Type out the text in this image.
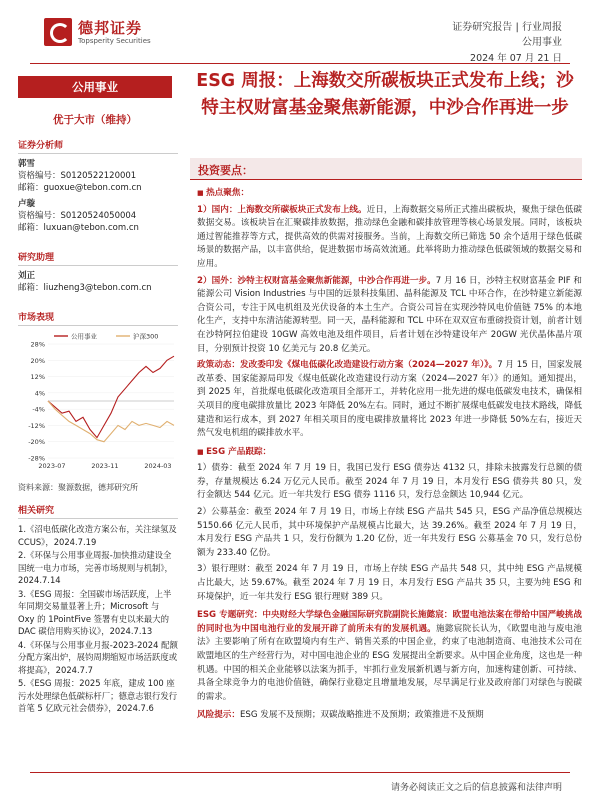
德邦证券
Topsperity Securities
证券研究报告 | 行业周报
公用事业
2024 年 07 月 21 日
公用事业
优于大市（维持）
证券分析师
郭雪
资格编号：S0120522120001
邮箱：guoxue@tebon.com.cn
卢璇
资格编号：S0120524050004
邮箱：luxuan@tebon.com.cn
研究助理
刘正
邮箱：liuzheng3@tebon.com.cn
市场表现
28%
20%
12%
4%
-4%
-12%
-20%
-28%
2023-07	2023-11	2024-03
公用事业	沪深300
资料来源：聚源数据，德邦研究所
相关研究
1.《沼电低碳化改造方案公布，关注绿氢及 CCUS》，2024.7.19
2.《环保与公用事业周报-加快推动建设全国统一电力市场，完善市场规则与机制》，2024.7.14
3.《ESG 周报：全国碳市场活跃度，上半年同期交易量显著上升；Microsoft 与 Oxy 的 1PointFive 签署有史以来最大的 DAC 碳信用购买协议》，2024.7.13
4.《环保与公用事业月报-2023-2024 配额分配方案出炉，展钧周期缩短市场活跃度或将提高》，2024.7.7
5.《ESG 周报：2025 年底，建成 100 座污水处理绿色低碳标杆厂；德意志银行发行首笔 5 亿欧元社会债券》，2024.7.6
ESG 周报：上海数交所碳板块正式发布上线；沙特主权财富基金聚焦新能源，中沙合作再进一步
投资要点：
■ 热点聚焦：
1）国内：上海数交所碳板块正式发布上线。近日，上海数据交易所正式推出碳板块，聚焦于绿色低碳数据交易。该板块旨在汇聚碳排放数据，推动绿色金融和碳排放管理等核心场景发展。同时，该板块通过智能推荐等方式，提供高效的供需对接服务。当前，上海数交所已筛选 50 余个适用于绿色低碳场景的数据产品，以丰富供给，促进数据市场高效流通。此举将助力推动绿色低碳领域的数据交易和应用。
2）国外：沙特主权财富基金聚焦新能源，中沙合作再进一步。7 月 16 日，沙特主权财富基金 PIF 和能源公司 Vision Industries 与中国的远景科技集团、晶科能源及 TCL 中环合作，在沙特建立新能源合资公司，专注于风电机组及光伏设备的本土生产。合资公司旨在实现沙特风电价值链 75% 的本地化生产，支持中东清洁能源转型。同一天，晶科能源和 TCL 中环在双双宣布重磅投资计划，前者计划在沙特阿拉伯建设 10GW 高效电池及组件项目，后者计划在沙特建设年产 20GW 光伏晶体晶片项目，分别预计投资 10 亿美元与 20.8 亿美元。
政策动态：发改委印发《煤电低碳化改造建设行动方案（2024—2027 年）》。7 月 15 日，国家发展改革委、国家能源局印发《煤电低碳化改造建设行动方案（2024—2027 年）》的通知。通知提出，到 2025 年，首批煤电低碳化改造项目全部开工，并转化应用一批先进的煤电低碳发电技术，确保相关项目的度电碳排放量比 2023 年降低 20%左右。同时，通过不断扩展煤电低碳发电技术路线，降低建造和运行成本，到 2027 年相关项目的度电碳排放量将比 2023 年进一步降低 50%左右，接近天然气发电机组的碳排放水平。
■ ESG 产品跟踪：
1）债券：截至 2024 年 7 月 19 日，我国已发行 ESG 债券达 4132 只，排除未披露发行总额的债券，存量规模达 6.24 万亿元人民币。截至 2024 年 7 月 19 日，本月发行 ESG 债券共 80 只，发行金额达 544 亿元。近一年共发行 ESG 债券 1116 只，发行总金额达 10,944 亿元。
2）公募基金：截至 2024 年 7 月 19 日，市场上存续 ESG 产品共 545 只，ESG 产品净值总规模达 5150.66 亿元人民币，其中环境保护产品规模占比最大，达 39.26%。截至 2024 年 7 月 19 日，本月发行 ESG 产品共 1 只，发行份额为 1.20 亿份，近一年共发行 ESG 公募基金 70 只，发行总份额为 233.40 亿份。
3）银行理财：截至 2024 年 7 月 19 日，市场上存续 ESG 产品共 548 只，其中纯 ESG 产品规模占比最大，达 59.67%。截至 2024 年 7 月 19 日，本月发行 ESG 产品共 35 只，主要为纯 ESG 和环境保护，近一年共发行 ESG 银行理财 389 只。
ESG 专题研究：中央财经大学绿色金融国际研究院副院长施懿宸：欧盟电池法案在带给中国严峻挑战的同时也为中国电池行业的发展开辟了前所未有的发展机遇。施懿宸院长认为，《欧盟电池与废电池法》主要影响了所有在欧盟境内有生产、销售关系的中国企业，约束了电池制造商、电池技术公司在欧盟地区的生产经营行为，对中国电池企业的 ESG 发展提出全新要求。从中国企业角度，这也是一种机遇。中国的相关企业能够以法案为抓手，牢抓行业发展新机遇与新方向，加速构建创新、可持续、具备全球竞争力的电池价值链，确保行业稳定且增量地发展，尽早满足行业及政府部门对绿色与脱碳的需求。
风险提示：ESG 发展不及预期；双碳战略推进不及预期；政策推进不及预期
请务必阅读正文之后的信息披露和法律声明
